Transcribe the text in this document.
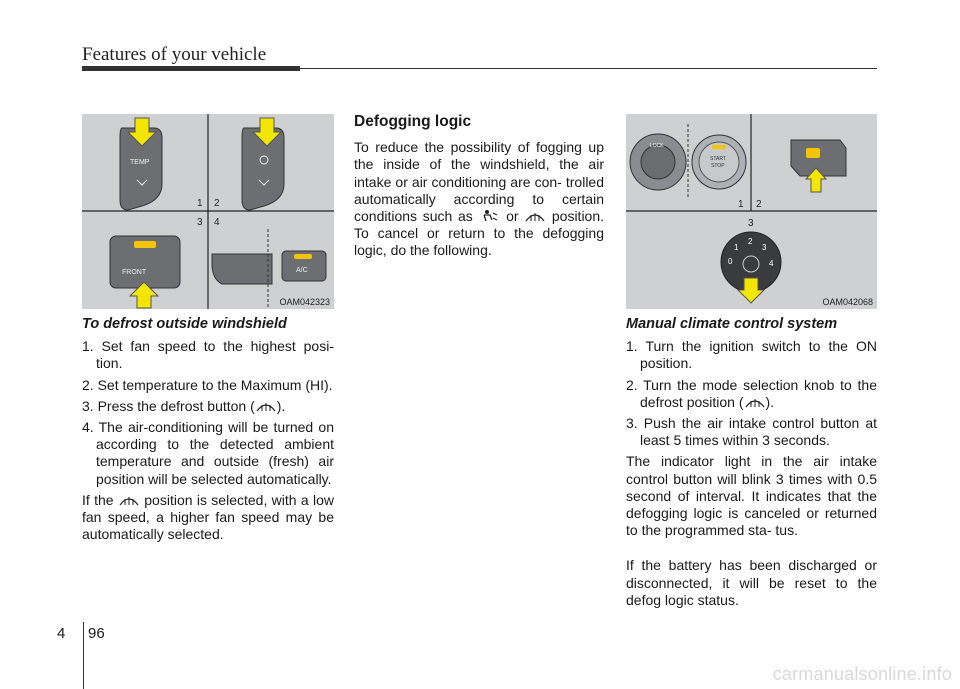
Features of your vehicle
TEMP
1 2
3 4
FRONT	A/C
OAM042323
LOCK
START
STOP
1 2
3
0
1
2
3
4
OAM042068
To defrost outside windshield
1. Set fan speed to the highest posi- tion.
2. Set temperature to the Maximum (HI).
3. Press the defrost button ( ).
4. The air-conditioning will be turned on according to the detected ambient temperature and outside (fresh) air position will be selected automatically.

If the position is selected, with a low fan speed, a higher fan speed may be automatically selected.

Defogging logic

To reduce the possibility of fogging up the inside of the windshield, the air intake or air conditioning are con- trolled automatically according to certain conditions such as or position. To cancel or return to the defogging logic, do the following.

Manual climate control system
1. Turn the ignition switch to the ON position.
2. Turn the mode selection knob to the defrost position ( ).
3. Push the air intake control button at least 5 times within 3 seconds.

The indicator light in the air intake control button will blink 3 times with 0.5 second of interval. It indicates that the defogging logic is canceled or returned to the programmed sta- tus.

If the battery has been discharged or disconnected, it will be reset to the defog logic status.

4 96
carmanualsonline.info
